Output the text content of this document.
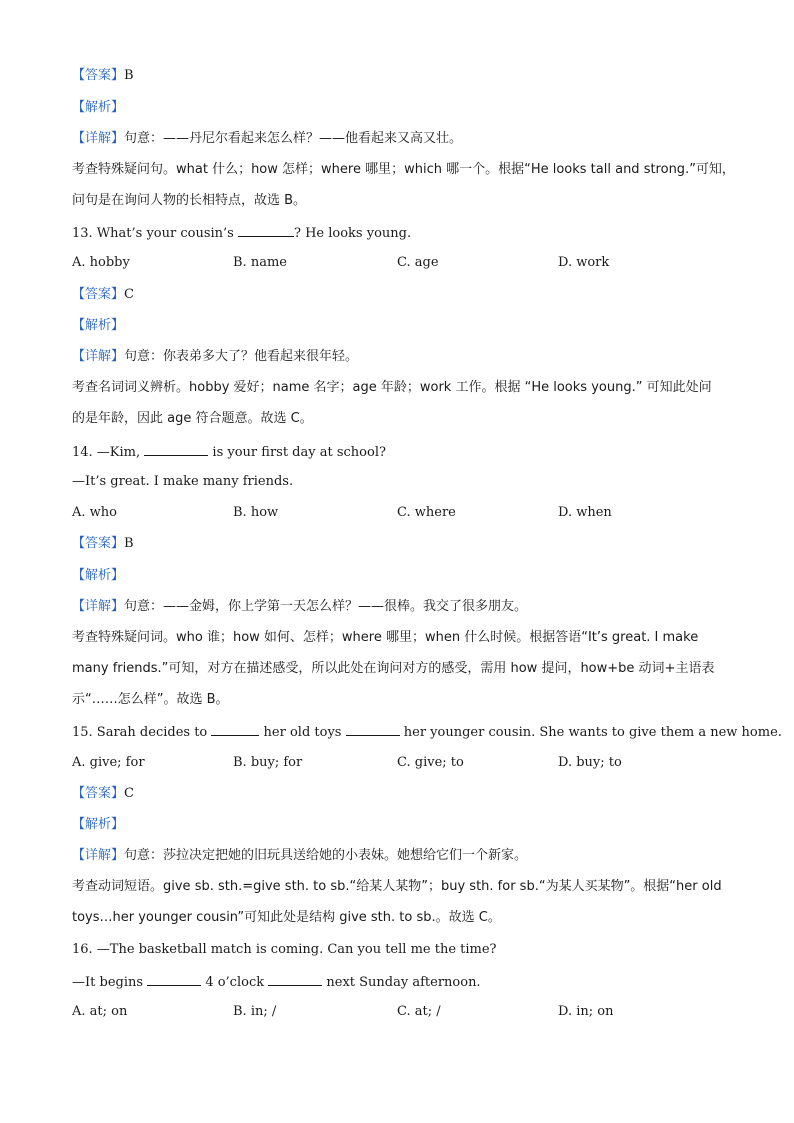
【答案】B
【解析】
【详解】句意：——丹尼尔看起来怎么样？——他看起来又高又壮。
考查特殊疑问句。what 什么；how 怎样；where 哪里；which 哪一个。根据“He looks tall and strong.”可知，
问句是在询问人物的长相特点，故选 B。
13. What’s your cousin’s	? He looks young.
A. hobby	B. name	C. age	D. work
【答案】C
【解析】
【详解】句意：你表弟多大了？他看起来很年轻。
考查名词词义辨析。hobby 爱好；name 名字；age 年龄；work 工作。根据 “He looks young.” 可知此处问
的是年龄，因此 age 符合题意。故选 C。
14. —Kim,	is your first day at school?
—It’s great. I make many friends.
A. who	B. how	C. where	D. when
【答案】B
【解析】
【详解】句意：——金姆，你上学第一天怎么样？——很棒。我交了很多朋友。
考查特殊疑问词。who 谁；how 如何、怎样；where 哪里；when 什么时候。根据答语“It’s great. I make
many friends.”可知，对方在描述感受，所以此处在询问对方的感受，需用 how 提问，how+be 动词+主语表
示“……怎么样”。故选 B。
15. Sarah decides to	her old toys	her younger cousin. She wants to give them a new home.
A. give; for	B. buy; for	C. give; to	D. buy; to
【答案】C
【解析】
【详解】句意：莎拉决定把她的旧玩具送给她的小表妹。她想给它们一个新家。
考查动词短语。give sb. sth.=give sth. to sb.“给某人某物”；buy sth. for sb.“为某人买某物”。根据“her old
toys…her younger cousin”可知此处是结构 give sth. to sb.。故选 C。
16. —The basketball match is coming. Can you tell me the time?
—It begins	4 o’clock	next Sunday afternoon.
A. at; on	B. in; /	C. at; /	D. in; on
